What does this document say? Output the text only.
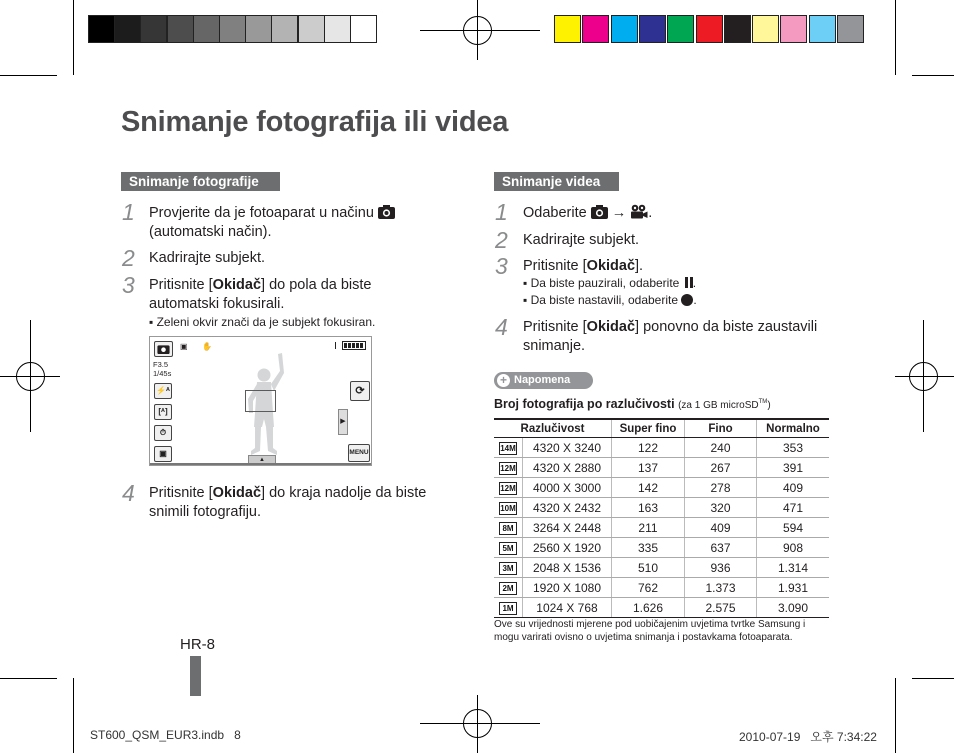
Snimanje fotografija ili videa
Snimanje fotografije
1 Provjerite da je fotoaparat u načinu
(automatski način).
2 Kadrirajte subjekt.
3 Pritisnite [Okidač] do pola da biste
automatski fokusirali.
▪ Zeleni okvir znači da je subjekt fokusiran.
▣ ✋
F3.5
1/45s
⚡ᴬ
[ᴬ]
⏱
▣
⟳
▶
MENU
▲
4 Pritisnite [Okidač] do kraja nadolje da biste
snimili fotografiju.
Snimanje videa
1 Odaberite → .
2 Kadrirajte subjekt.
3 Pritisnite [Okidač].
▪ Da biste pauzirali, odaberite .
▪ Da biste nastavili, odaberite .
4 Pritisnite [Okidač] ponovno da biste zaustavili
snimanje.
+ Napomena
Broj fotografija po razlučivosti (za 1 GB microSD™)
Razlučivost		Super fino	Fino	Normalno
14M	4320 X 3240	122	240	353
12M	4320 X 2880	137	267	391
12M	4000 X 3000	142	278	409
10M	4320 X 2432	163	320	471
8M	3264 X 2448	211	409	594
5M	2560 X 1920	335	637	908
3M	2048 X 1536	510	936	1.314
2M	1920 X 1080	762	1.373	1.931
1M	1024 X 768	1.626	2.575	3.090
Ove su vrijednosti mjerene pod uobičajenim uvjetima tvrtke Samsung i
mogu varirati ovisno o uvjetima snimanja i postavkama fotoaparata.
HR-8
ST600_QSM_EUR3.indb   8	2010-07-19   오후 7:34:22
